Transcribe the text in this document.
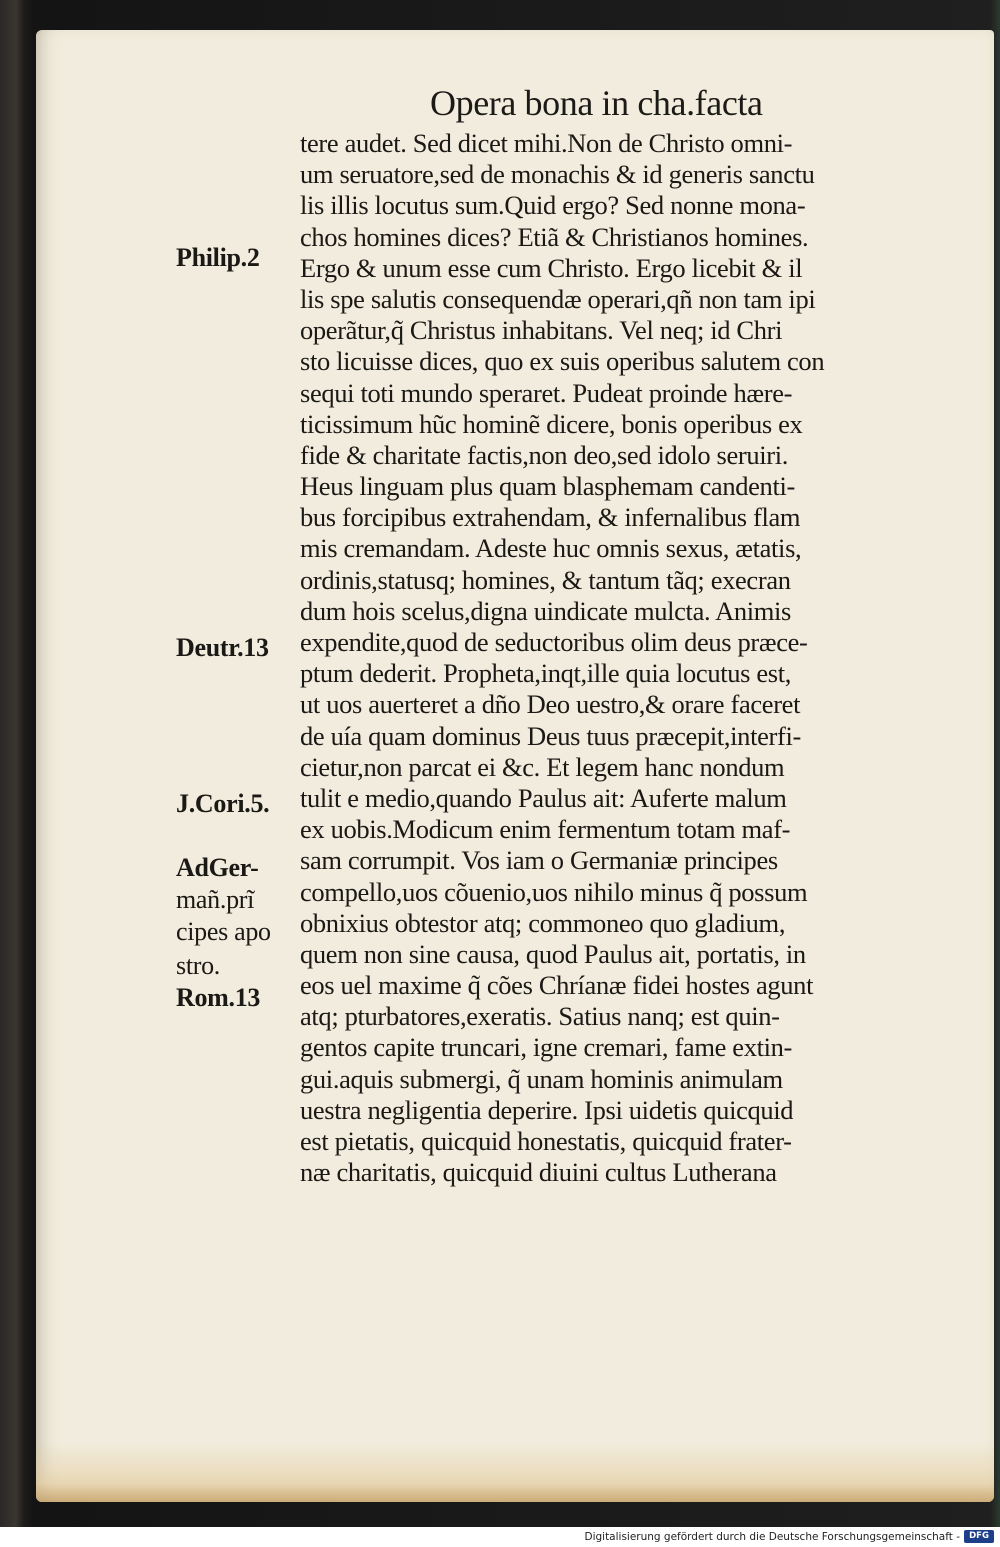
Opera bona in cha.facta
tere audet. Sed dicet mihi.Non de Christo omni-
um seruatore,sed de monachis & id generis sanctu
lis illis locutus sum.Quid ergo? Sed nonne mona-
chos homines dices? Etiã & Christianos homines.
Ergo & unum esse cum Christo. Ergo licebit & il
lis spe salutis consequendæ operari,qñ non tam ipi
operãtur,q̃ Christus inhabitans. Vel neq; id Chri
sto licuisse dices, quo ex suis operibus salutem con
sequi toti mundo speraret. Pudeat proinde hære-
ticissimum hũc hominẽ dicere, bonis operibus ex
fide & charitate factis,non deo,sed idolo seruiri.
Heus linguam plus quam blasphemam candenti-
bus forcipibus extrahendam, & infernalibus flam
mis cremandam. Adeste huc omnis sexus, ætatis,
ordinis,statusq; homines, & tantum tãq; execran
dum hois scelus,digna uindicate mulcta. Animis
expendite,quod de seductoribus olim deus præce-
ptum dederit. Propheta,inqt,ille quia locutus est,
ut uos auerteret a dño Deo uestro,& orare faceret
de uía quam dominus Deus tuus præcepit,interfi-
cietur,non parcat ei &c. Et legem hanc nondum
tulit e medio,quando Paulus ait: Auferte malum
ex uobis.Modicum enim fermentum totam maf-
sam corrumpit. Vos iam o Germaniæ principes
compello,uos cõuenio,uos nihilo minus q̃ possum
obnixius obtestor atq; commoneo quo gladium,
quem non sine causa, quod Paulus ait, portatis, in
eos uel maxime q̃ cões Chríanæ fidei hostes agunt
atq; pturbatores,exeratis. Satius nanq; est quin-
gentos capite truncari, igne cremari, fame extin-
gui.aquis submergi, q̃ unam hominis animulam
uestra negligentia deperire. Ipsi uidetis quicquid
est pietatis, quicquid honestatis, quicquid frater-
næ charitatis, quicquid diuini cultus Lutherana
Philip.2
Deutr.13
J.Cori.5.
AdGer-
mañ.prĩ
cipes apo
stro.
Rom.13
Digitalisierung gefördert durch die Deutsche Forschungsgemeinschaft -	DFG
